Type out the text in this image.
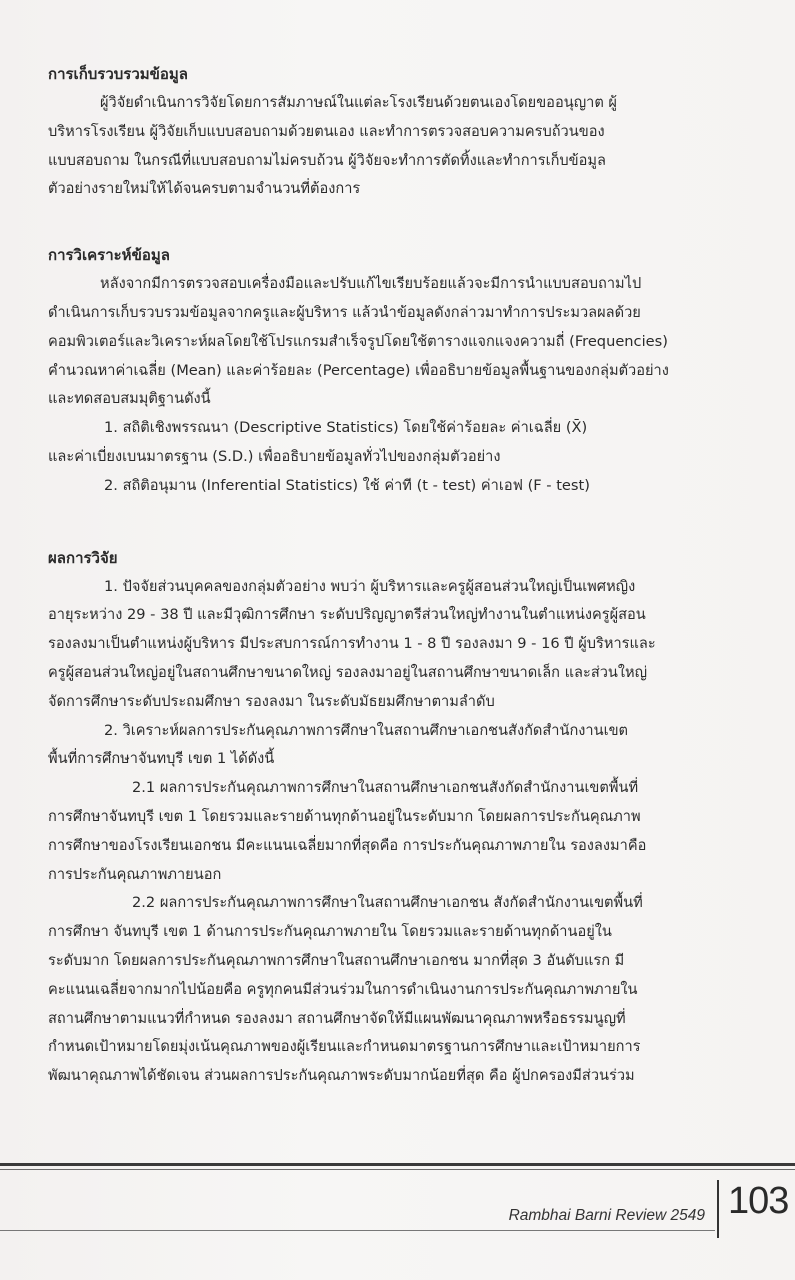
การเก็บรวบรวมข้อมูล

ผู้วิจัยดำเนินการวิจัยโดยการสัมภาษณ์ในแต่ละโรงเรียนด้วยตนเองโดยขออนุญาต ผู้

บริหารโรงเรียน ผู้วิจัยเก็บแบบสอบถามด้วยตนเอง และทำการตรวจสอบความครบถ้วนของ

แบบสอบถาม ในกรณีที่แบบสอบถามไม่ครบถ้วน ผู้วิจัยจะทำการตัดทิ้งและทำการเก็บข้อมูล

ตัวอย่างรายใหม่ให้ได้จนครบตามจำนวนที่ต้องการ

การวิเคราะห์ข้อมูล

หลังจากมีการตรวจสอบเครื่องมือและปรับแก้ไขเรียบร้อยแล้วจะมีการนำแบบสอบถามไป

ดำเนินการเก็บรวบรวมข้อมูลจากครูและผู้บริหาร แล้วนำข้อมูลดังกล่าวมาทำการประมวลผลด้วย

คอมพิวเตอร์และวิเคราะห์ผลโดยใช้โปรแกรมสำเร็จรูปโดยใช้ตารางแจกแจงความถี่ (Frequencies)

คำนวณหาค่าเฉลี่ย (Mean) และค่าร้อยละ (Percentage) เพื่ออธิบายข้อมูลพื้นฐานของกลุ่มตัวอย่าง

และทดสอบสมมุติฐานดังนี้

1. สถิติเชิงพรรณนา (Descriptive Statistics) โดยใช้ค่าร้อยละ ค่าเฉลี่ย (X̄)

และค่าเบี่ยงเบนมาตรฐาน (S.D.) เพื่ออธิบายข้อมูลทั่วไปของกลุ่มตัวอย่าง

2. สถิติอนุมาน (Inferential Statistics) ใช้ ค่าที (t - test) ค่าเอฟ (F - test)

ผลการวิจัย

1. ปัจจัยส่วนบุคคลของกลุ่มตัวอย่าง พบว่า ผู้บริหารและครูผู้สอนส่วนใหญ่เป็นเพศหญิง

อายุระหว่าง 29 - 38 ปี และมีวุฒิการศึกษา ระดับปริญญาตรีส่วนใหญ่ทำงานในตำแหน่งครูผู้สอน

รองลงมาเป็นตำแหน่งผู้บริหาร มีประสบการณ์การทำงาน 1 - 8 ปี รองลงมา 9 - 16 ปี ผู้บริหารและ

ครูผู้สอนส่วนใหญ่อยู่ในสถานศึกษาขนาดใหญ่ รองลงมาอยู่ในสถานศึกษาขนาดเล็ก และส่วนใหญ่

จัดการศึกษาระดับประถมศึกษา รองลงมา ในระดับมัธยมศึกษาตามลำดับ

2. วิเคราะห์ผลการประกันคุณภาพการศึกษาในสถานศึกษาเอกชนสังกัดสำนักงานเขต

พื้นที่การศึกษาจันทบุรี เขต 1 ได้ดังนี้

2.1 ผลการประกันคุณภาพการศึกษาในสถานศึกษาเอกชนสังกัดสำนักงานเขตพื้นที่

การศึกษาจันทบุรี เขต 1 โดยรวมและรายด้านทุกด้านอยู่ในระดับมาก โดยผลการประกันคุณภาพ

การศึกษาของโรงเรียนเอกชน มีคะแนนเฉลี่ยมากที่สุดคือ การประกันคุณภาพภายใน รองลงมาคือ

การประกันคุณภาพภายนอก

2.2 ผลการประกันคุณภาพการศึกษาในสถานศึกษาเอกชน สังกัดสำนักงานเขตพื้นที่

การศึกษา จันทบุรี เขต 1 ด้านการประกันคุณภาพภายใน โดยรวมและรายด้านทุกด้านอยู่ใน

ระดับมาก โดยผลการประกันคุณภาพการศึกษาในสถานศึกษาเอกชน มากที่สุด 3 อันดับแรก มี

คะแนนเฉลี่ยจากมากไปน้อยคือ ครูทุกคนมีส่วนร่วมในการดำเนินงานการประกันคุณภาพภายใน

สถานศึกษาตามแนวที่กำหนด รองลงมา สถานศึกษาจัดให้มีแผนพัฒนาคุณภาพหรือธรรมนูญที่

กำหนดเป้าหมายโดยมุ่งเน้นคุณภาพของผู้เรียนและกำหนดมาตรฐานการศึกษาและเป้าหมายการ

พัฒนาคุณภาพได้ชัดเจน ส่วนผลการประกันคุณภาพระดับมากน้อยที่สุด คือ ผู้ปกครองมีส่วนร่วม

Rambhai Barni Review 2549 103
